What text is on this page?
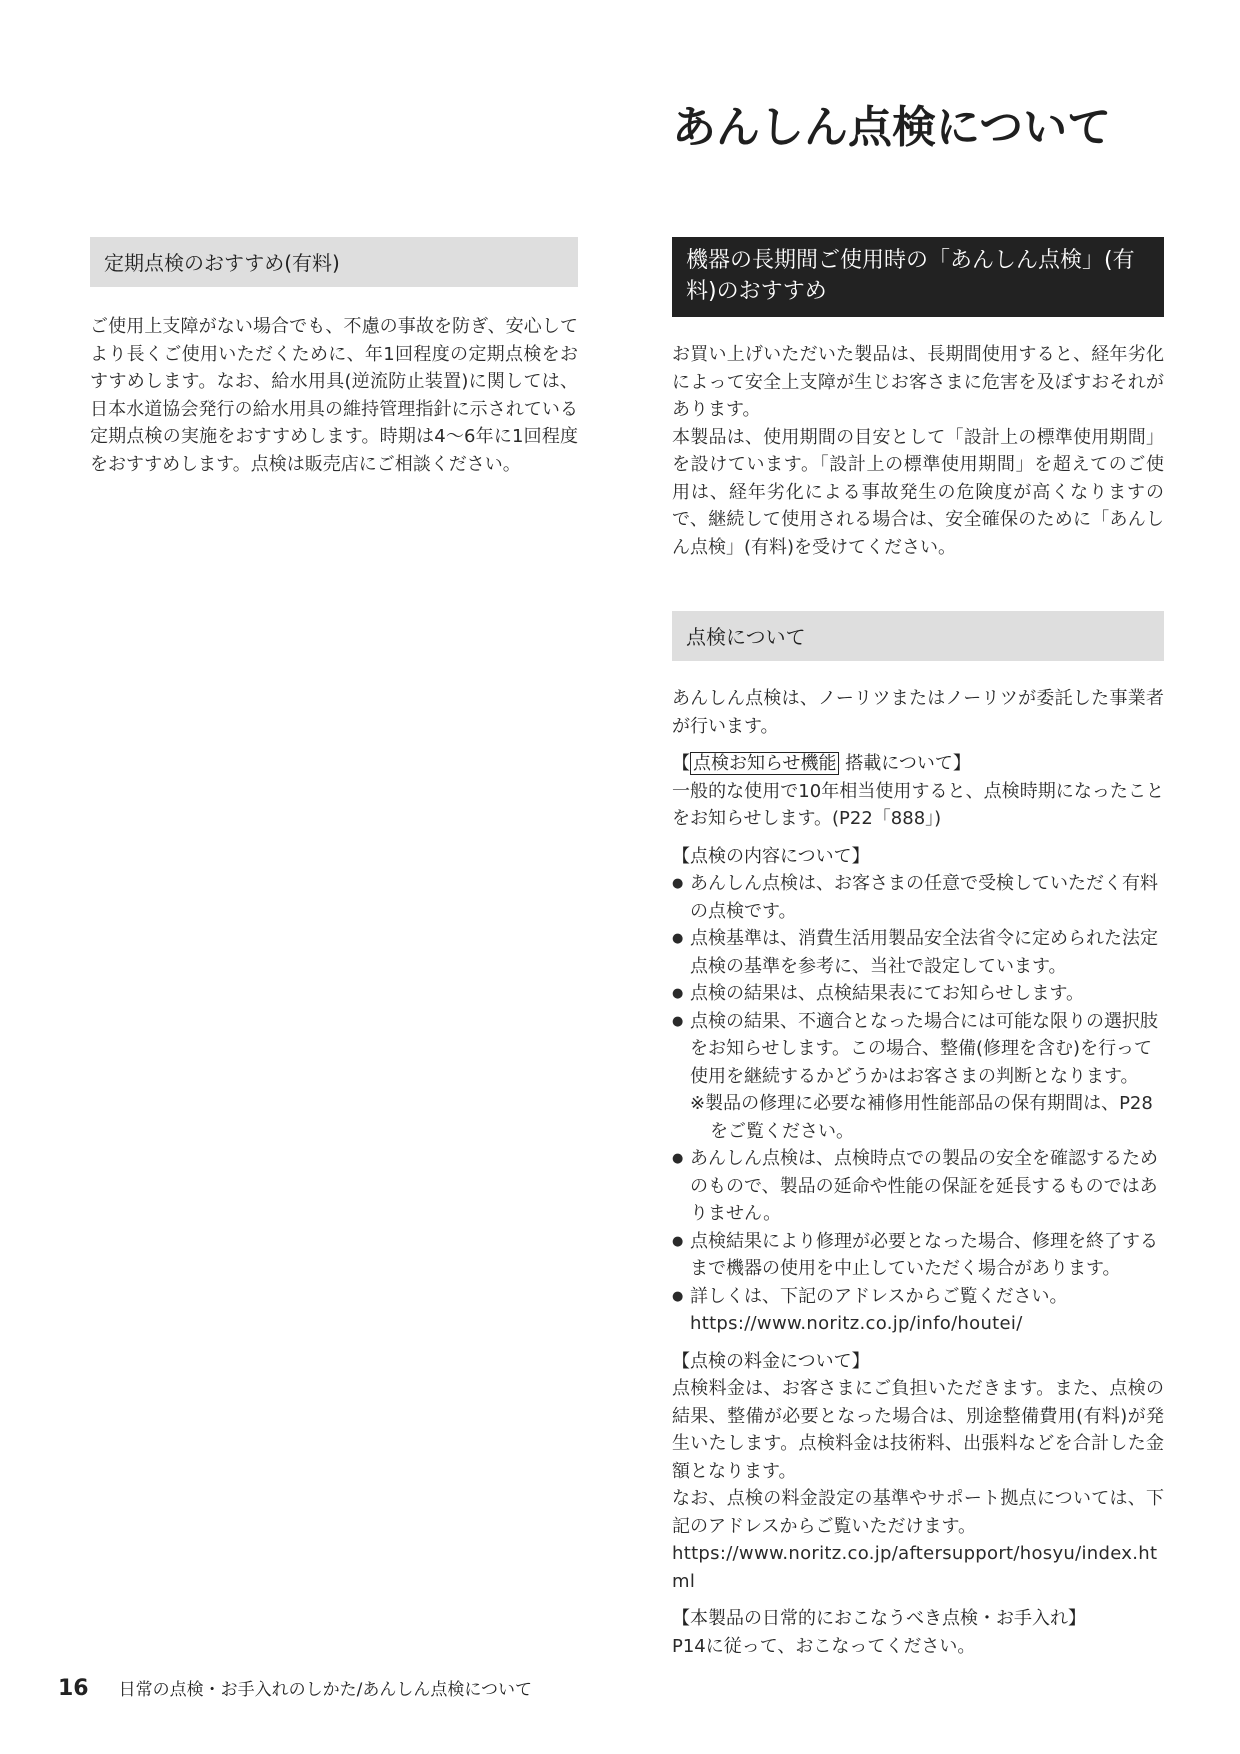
あんしん点検について
定期点検のおすすめ(有料)

ご使用上支障がない場合でも、不慮の事故を防ぎ、安心してより長くご使用いただくために、年1回程度の定期点検をおすすめします。なお、給水用具(逆流防止装置)に関しては、日本水道協会発行の給水用具の維持管理指針に示されている定期点検の実施をおすすめします。時期は4〜6年に1回程度をおすすめします。点検は販売店にご相談ください。

機器の長期間ご使用時の「あんしん点検」(有料)のおすすめ

お買い上げいただいた製品は、長期間使用すると、経年劣化によって安全上支障が生じお客さまに危害を及ぼすおそれがあります。

本製品は、使用期間の目安として「設計上の標準使用期間」を設けています。「設計上の標準使用期間」を超えてのご使用は、経年劣化による事故発生の危険度が高くなりますので、継続して使用される場合は、安全確保のために「あんしん点検」(有料)を受けてください。

点検について

あんしん点検は、ノーリツまたはノーリツが委託した事業者が行います。

【 点検お知らせ機能 搭載について】

一般的な使用で10年相当使用すると、点検時期になったことをお知らせします。(P22「888」)

【点検の内容について】

● あんしん点検は、お客さまの任意で受検していただく有料の点検です。
● 点検基準は、消費生活用製品安全法省令に定められた法定点検の基準を参考に、当社で設定しています。
● 点検の結果は、点検結果表にてお知らせします。
● 点検の結果、不適合となった場合には可能な限りの選択肢をお知らせします。この場合、整備(修理を含む)を行って使用を継続するかどうかはお客さまの判断となります。
※製品の修理に必要な補修用性能部品の保有期間は、P28をご覧ください。
● あんしん点検は、点検時点での製品の安全を確認するためのもので、製品の延命や性能の保証を延長するものではありません。
● 点検結果により修理が必要となった場合、修理を終了するまで機器の使用を中止していただく場合があります。
● 詳しくは、下記のアドレスからご覧ください。
https://www.noritz.co.jp/info/houtei/

【点検の料金について】

点検料金は、お客さまにご負担いただきます。また、点検の結果、整備が必要となった場合は、別途整備費用(有料)が発生いたします。点検料金は技術料、出張料などを合計した金額となります。

なお、点検の料金設定の基準やサポート拠点については、下記のアドレスからご覧いただけます。

https://www.noritz.co.jp/aftersupport/hosyu/index.html

【本製品の日常的におこなうべき点検・お手入れ】

P14に従って、おこなってください。

16 日常の点検・お手入れのしかた/あんしん点検について
